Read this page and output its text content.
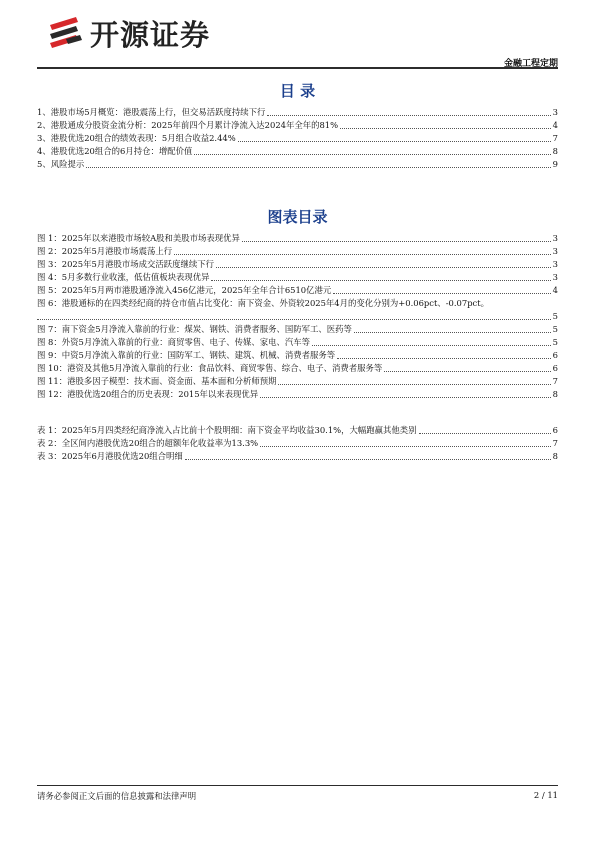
开源证券
金融工程定期
目 录
1、 港股市场5月概览：港股震荡上行，但交易活跃度持续下行	3
2、 港股通成分股资金流分析：2025年前四个月累计净流入达2024年全年的81%	4
3、 港股优选20组合的绩效表现：5月组合收益2.44%	7
4、 港股优选20组合的6月持仓：增配价值	8
5、 风险提示	9
图表目录
图 1： 2025年以来港股市场较A股和美股市场表现优异	3
图 2： 2025年5月港股市场震荡上行	3
图 3： 2025年5月港股市场成交活跃度继续下行	3
图 4： 5月多数行业收涨，低估值板块表现优异	3
图 5： 2025年5月两市港股通净流入456亿港元，2025年全年合计6510亿港元	4
图 6： 港股通标的在四类经纪商的持仓市值占比变化：南下资金、外资较2025年4月的变化分别为+0.06pct、-0.07pct。
5
图 7： 南下资金5月净流入靠前的行业：煤炭、钢铁、消费者服务、国防军工、医药等	5
图 8： 外资5月净流入靠前的行业：商贸零售、电子、传媒、家电、汽车等	5
图 9： 中资5月净流入靠前的行业：国防军工、钢铁、建筑、机械、消费者服务等	6
图 10： 港资及其他5月净流入靠前的行业：食品饮料、商贸零售、综合、电子、消费者服务等	6
图 11： 港股多因子模型：技术面、资金面、基本面和分析师预期	7
图 12： 港股优选20组合的历史表现：2015年以来表现优异	8
表 1： 2025年5月四类经纪商净流入占比前十个股明细：南下资金平均收益30.1%，大幅跑赢其他类别	6
表 2： 全区间内港股优选20组合的超额年化收益率为13.3%	7
表 3： 2025年6月港股优选20组合明细	8
请务必参阅正文后面的信息披露和法律声明	2 / 11
